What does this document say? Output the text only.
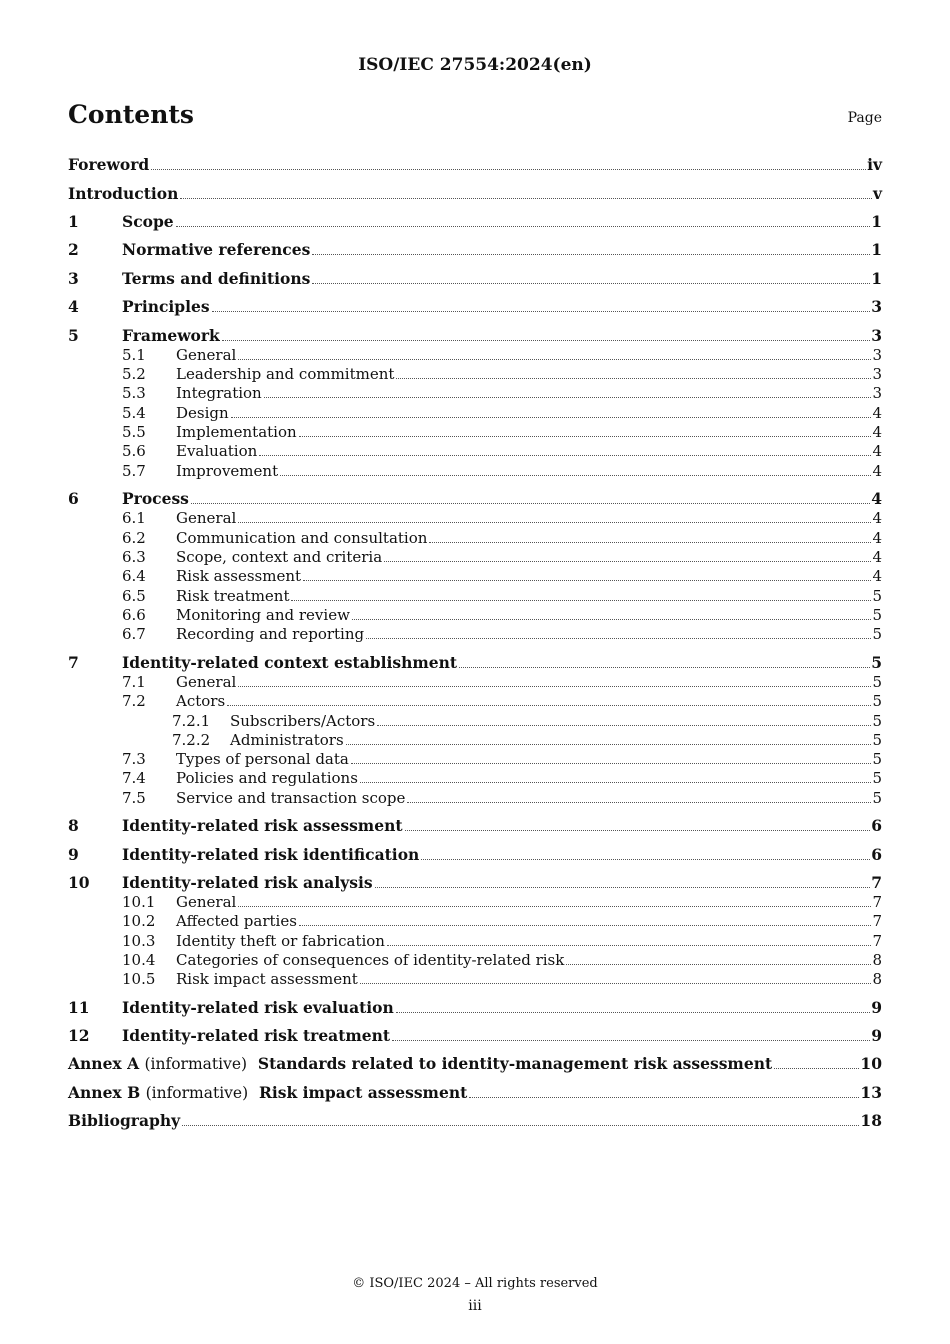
ISO/IEC 27554:2024(en)
Contents	Page
Foreword	iv
Introduction	v
1	Scope	1
2	Normative references	1
3	Terms and definitions	1
4	Principles	3
5	Framework	3
5.1	General	3
5.2	Leadership and commitment	3
5.3	Integration	3
5.4	Design	4
5.5	Implementation	4
5.6	Evaluation	4
5.7	Improvement	4
6	Process	4
6.1	General	4
6.2	Communication and consultation	4
6.3	Scope, context and criteria	4
6.4	Risk assessment	4
6.5	Risk treatment	5
6.6	Monitoring and review	5
6.7	Recording and reporting	5
7	Identity-related context establishment	5
7.1	General	5
7.2	Actors	5
7.2.1	Subscribers/Actors	5
7.2.2	Administrators	5
7.3	Types of personal data	5
7.4	Policies and regulations	5
7.5	Service and transaction scope	5
8	Identity-related risk assessment	6
9	Identity-related risk identification	6
10	Identity-related risk analysis	7
10.1	General	7
10.2	Affected parties	7
10.3	Identity theft or fabrication	7
10.4	Categories of consequences of identity-related risk	8
10.5	Risk impact assessment	8
11	Identity-related risk evaluation	9
12	Identity-related risk treatment	9
Annex A (informative) Standards related to identity-management risk assessment	10
Annex B (informative) Risk impact assessment	13
Bibliography	18
© ISO/IEC 2024 – All rights reserved
iii
